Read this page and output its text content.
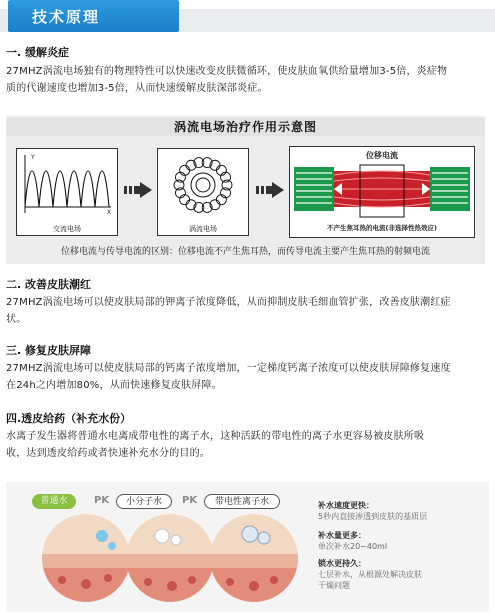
技术原理
一. 缓解炎症
27MHZ涡流电场独有的物理特性可以快速改变皮肤微循环，使皮肤血氧供给量增加3-5倍，炎症物
质的代谢速度也增加3-5倍，从而快速缓解皮肤深部炎症。
涡流电场治疗作用示意图
Y
X
交流电场	涡流电场
位移电流
不产生焦耳热的电流(非选择性热效应)
位移电流与传导电流的区别：位移电流不产生焦耳热，而传导电流主要产生焦耳热的射频电流
二. 改善皮肤潮红
27MHZ涡流电场可以使皮肤局部的钾离子浓度降低，从而抑制皮肤毛细血管扩张，改善皮肤潮红症
状。
三. 修复皮肤屏障
27MHZ涡流电场可以使皮肤局部的钙离子浓度增加，一定梯度钙离子浓度可以使皮肤屏障修复速度
在24h之内增加80%，从而快速修复皮肤屏障。
四.透皮给药（补充水份）
水离子发生器将普通水电离成带电性的离子水，这种活跃的带电性的离子水更容易被皮肤所吸
收，达到透皮给药或者快速补充水分的目的。
普通水	PK	小分子水	PK	带电性离子水	补水速度更快：
5秒内直接渗透到皮肤的基质层
补水量更多：
单次补水20~40ml
锁水更持久：
七层补水，从根源处解决皮肤
干燥问题
